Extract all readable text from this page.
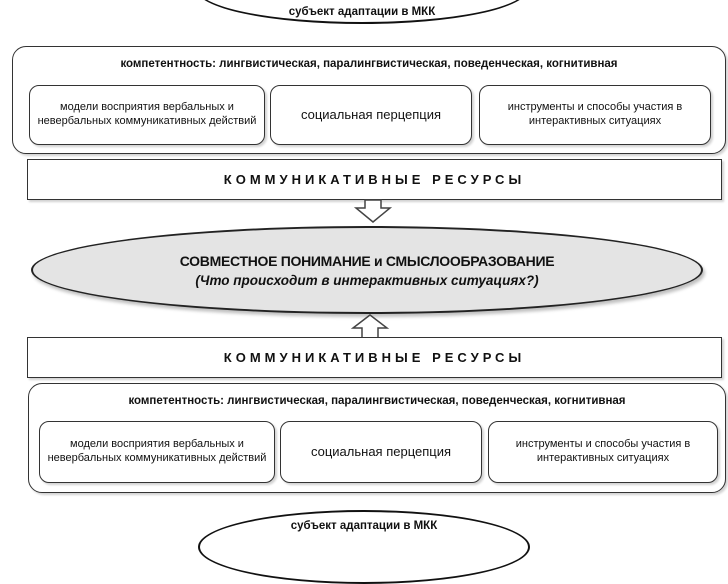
субъект адаптации в МКК
компетентность: лингвистическая, паралингвистическая, поведенческая, когнитивная
модели восприятия вербальных и невербальных коммуникативных действий	социальная перцепция	инструменты и способы участия в интерактивных ситуациях
КОММУНИКАТИВНЫЕ РЕСУРСЫ
СОВМЕСТНОЕ ПОНИМАНИЕ и СМЫСЛООБРАЗОВАНИЕ
(Что происходит в интерактивных ситуациях?)
КОММУНИКАТИВНЫЕ РЕСУРСЫ
компетентность: лингвистическая, паралингвистическая, поведенческая, когнитивная
модели восприятия вербальных и невербальных коммуникативных действий	социальная перцепция	инструменты и способы участия в интерактивных ситуациях
субъект адаптации в МКК
